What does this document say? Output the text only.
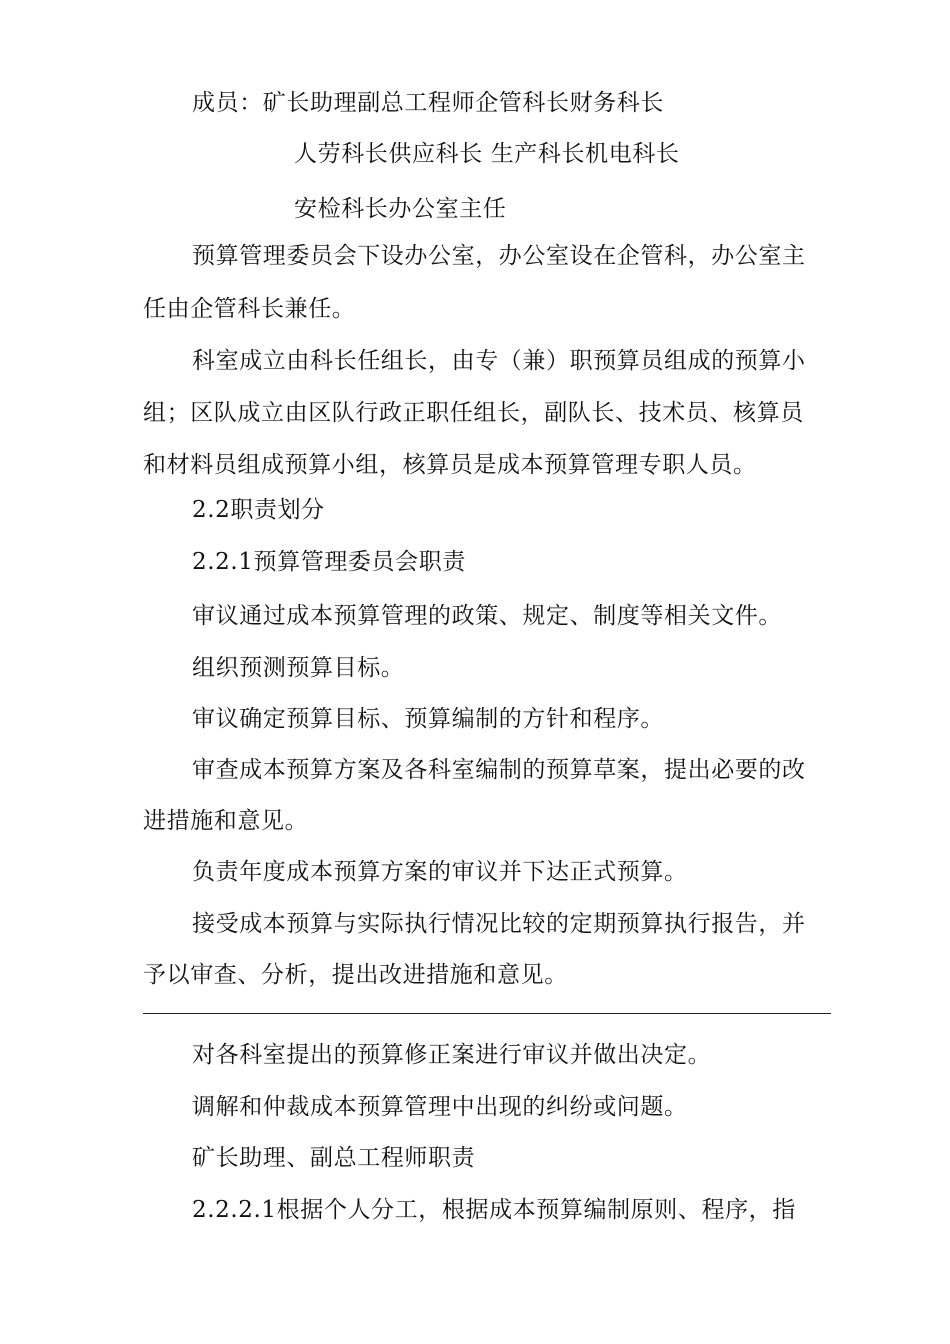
成员：矿长助理副总工程师企管科长财务科长
人劳科长供应科长 生产科长机电科长
安检科长办公室主任
预算管理委员会下设办公室，办公室设在企管科，办公室主
任由企管科长兼任。
科室成立由科长任组长，由专（兼）职预算员组成的预算小
组；区队成立由区队行政正职任组长，副队长、技术员、核算员
和材料员组成预算小组，核算员是成本预算管理专职人员。
2.2职责划分
2.2.1预算管理委员会职责
审议通过成本预算管理的政策、规定、制度等相关文件。
组织预测预算目标。
审议确定预算目标、预算编制的方针和程序。
审查成本预算方案及各科室编制的预算草案，提出必要的改
进措施和意见。
负责年度成本预算方案的审议并下达正式预算。
接受成本预算与实际执行情况比较的定期预算执行报告，并
予以审查、分析，提出改进措施和意见。
对各科室提出的预算修正案进行审议并做出决定。
调解和仲裁成本预算管理中出现的纠纷或问题。
矿长助理、副总工程师职责
2.2.2.1根据个人分工，根据成本预算编制原则、程序，指
